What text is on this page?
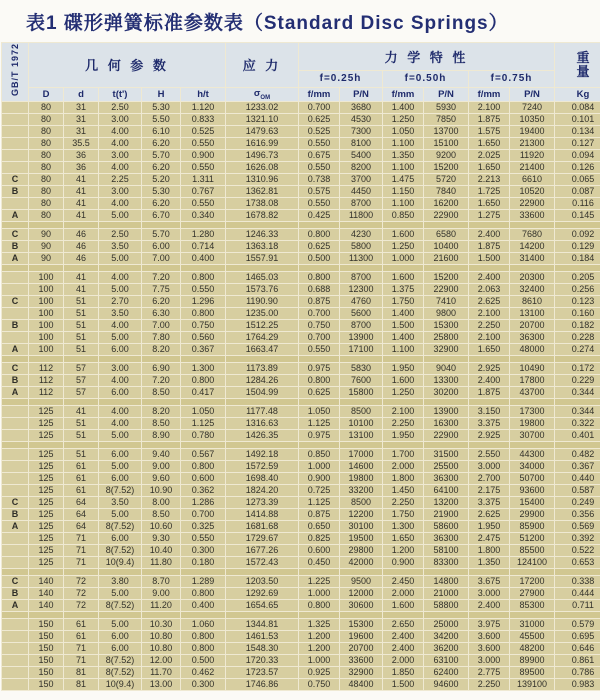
表1 碟形弹簧标准参数表（Standard Disc Springs）
GB/T 1972	几 何 参 数					应 力	力 学 特 性						重
量

							f=0.25h		f=0.50h		f=0.75h		
	D	d	t(t')	H	h/t	$\sigma_{OM}$	f/mm	P/N	f/mm	P/N	f/mm	P/N	Kg
	80	31	2.50	5.30	1.120	1233.02	0.700	3680	1.400	5930	2.100	7240	0.084
	80	31	3.00	5.50	0.833	1321.10	0.625	4530	1.250	7850	1.875	10350	0.101
	80	31	4.00	6.10	0.525	1479.63	0.525	7300	1.050	13700	1.575	19400	0.134
	80	35.5	4.00	6.20	0.550	1616.99	0.550	8100	1.100	15100	1.650	21300	0.127
	80	36	3.00	5.70	0.900	1496.73	0.675	5400	1.350	9200	2.025	11920	0.094
	80	36	4.00	6.20	0.550	1626.08	0.550	8200	1.100	15200	1.650	21400	0.126
C	80	41	2.25	5.20	1.311	1310.96	0.738	3700	1.475	5720	2.213	6610	0.065
B	80	41	3.00	5.30	0.767	1362.81	0.575	4450	1.150	7840	1.725	10520	0.087
	80	41	4.00	6.20	0.550	1738.08	0.550	8700	1.100	16200	1.650	22900	0.116
A	80	41	5.00	6.70	0.340	1678.82	0.425	11800	0.850	22900	1.275	33600	0.145

C	90	46	2.50	5.70	1.280	1246.33	0.800	4230	1.600	6580	2.400	7680	0.092
B	90	46	3.50	6.00	0.714	1363.18	0.625	5800	1.250	10400	1.875	14200	0.129
A	90	46	5.00	7.00	0.400	1557.91	0.500	11300	1.000	21600	1.500	31400	0.184

	100	41	4.00	7.20	0.800	1465.03	0.800	8700	1.600	15200	2.400	20300	0.205
	100	41	5.00	7.75	0.550	1573.76	0.688	12300	1.375	22900	2.063	32400	0.256
C	100	51	2.70	6.20	1.296	1190.90	0.875	4760	1.750	7410	2.625	8610	0.123
	100	51	3.50	6.30	0.800	1235.00	0.700	5600	1.400	9800	2.100	13100	0.160
B	100	51	4.00	7.00	0.750	1512.25	0.750	8700	1.500	15300	2.250	20700	0.182
	100	51	5.00	7.80	0.560	1764.29	0.700	13900	1.400	25800	2.100	36300	0.228
A	100	51	6.00	8.20	0.367	1663.47	0.550	17100	1.100	32900	1.650	48000	0.274

C	112	57	3.00	6.90	1.300	1173.89	0.975	5830	1.950	9040	2.925	10490	0.172
B	112	57	4.00	7.20	0.800	1284.26	0.800	7600	1.600	13300	2.400	17800	0.229
A	112	57	6.00	8.50	0.417	1504.99	0.625	15800	1.250	30200	1.875	43700	0.344

	125	41	4.00	8.20	1.050	1177.48	1.050	8500	2.100	13900	3.150	17300	0.344
	125	51	4.00	8.50	1.125	1316.63	1.125	10100	2.250	16300	3.375	19800	0.322
	125	51	5.00	8.90	0.780	1426.35	0.975	13100	1.950	22900	2.925	30700	0.401

	125	51	6.00	9.40	0.567	1492.18	0.850	17000	1.700	31500	2.550	44300	0.482
	125	61	5.00	9.00	0.800	1572.59	1.000	14600	2.000	25500	3.000	34000	0.367
	125	61	6.00	9.60	0.600	1698.40	0.900	19800	1.800	36300	2.700	50700	0.440
	125	61	8(7.52)	10.90	0.362	1824.20	0.725	33200	1.450	64100	2.175	93600	0.587
C	125	64	3.50	8.00	1.286	1273.39	1.125	8500	2.250	13200	3.375	15400	0.249
B	125	64	5.00	8.50	0.700	1414.88	0.875	12200	1.750	21900	2.625	29900	0.356
A	125	64	8(7.52)	10.60	0.325	1681.68	0.650	30100	1.300	58600	1.950	85900	0.569
	125	71	6.00	9.30	0.550	1729.67	0.825	19500	1.650	36300	2.475	51200	0.392
	125	71	8(7.52)	10.40	0.300	1677.26	0.600	29800	1.200	58100	1.800	85500	0.522
	125	71	10(9.4)	11.80	0.180	1572.43	0.450	42000	0.900	83300	1.350	124100	0.653

C	140	72	3.80	8.70	1.289	1203.50	1.225	9500	2.450	14800	3.675	17200	0.338
B	140	72	5.00	9.00	0.800	1292.69	1.000	12000	2.000	21000	3.000	27900	0.444
A	140	72	8(7.52)	11.20	0.400	1654.65	0.800	30600	1.600	58800	2.400	85300	0.711

	150	61	5.00	10.30	1.060	1344.81	1.325	15300	2.650	25000	3.975	31000	0.579
	150	61	6.00	10.80	0.800	1461.53	1.200	19600	2.400	34200	3.600	45500	0.695
	150	71	6.00	10.80	0.800	1548.30	1.200	20700	2.400	36200	3.600	48200	0.646
	150	71	8(7.52)	12.00	0.500	1720.33	1.000	33600	2.000	63100	3.000	89900	0.861
	150	81	8(7.52)	11.70	0.462	1723.57	0.925	32900	1.850	62400	2.775	89500	0.786
	150	81	10(9.4)	13.00	0.300	1746.86	0.750	48400	1.500	94600	2.250	139100	0.983
